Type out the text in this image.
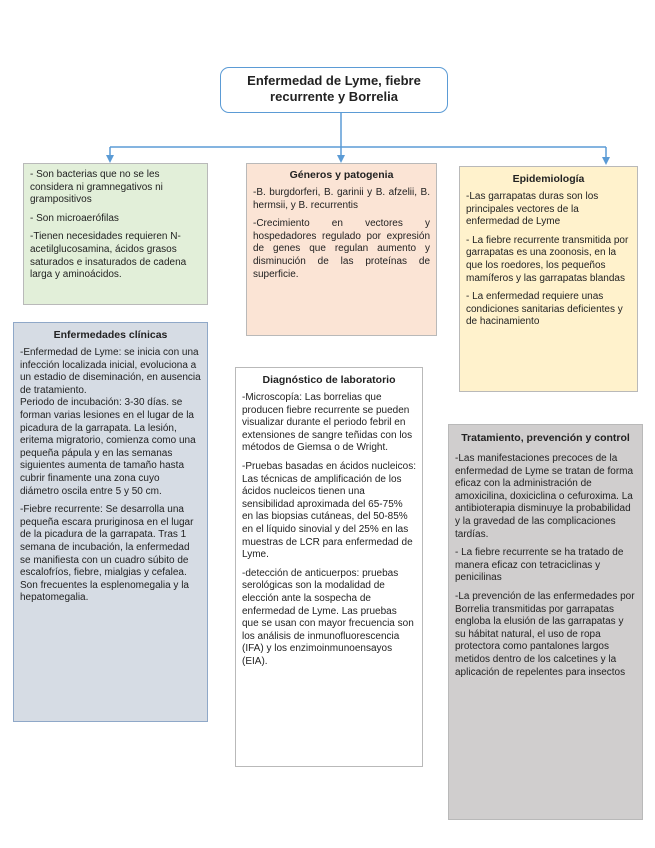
Enfermedad de Lyme, fiebre recurrente y Borrelia

- Son bacterias que no se les considera ni gramnegativos ni grampositivos

- Son microaerófilas

-Tienen necesidades requieren N-acetilglucosamina, ácidos grasos saturados e insaturados de cadena larga y aminoácidos.

Géneros y patogenia

-B. burgdorferi, B. garinii y B. afzelii, B. hermsii, y B. recurrentis

-Crecimiento en vectores y hospedadores regulado por expresión de genes que regulan aumento y disminución de las proteínas de superficie.

Epidemiología

-Las garrapatas duras son los principales vectores de la enfermedad de Lyme

- La fiebre recurrente transmitida por garrapatas es una zoonosis, en la que los roedores, los pequeños mamíferos y las garrapatas blandas

- La enfermedad requiere unas condiciones sanitarias deficientes y de hacinamiento

Enfermedades clínicas

-Enfermedad de Lyme: se inicia con una infección localizada inicial, evoluciona a un estadio de diseminación, en ausencia de tratamiento.

Periodo de incubación: 3-30 días. se forman varias lesiones en el lugar de la picadura de la garrapata. La lesión, eritema migratorio, comienza como una pequeña pápula y en las semanas siguientes aumenta de tamaño hasta cubrir finamente una zona cuyo diámetro oscila entre 5 y 50 cm.

-Fiebre recurrente: Se desarrolla una pequeña escara pruriginosa en el lugar de la picadura de la garrapata. Tras 1 semana de incubación, la enfermedad se manifiesta con un cuadro súbito de escalofríos, fiebre, mialgias y cefalea. Son frecuentes la esplenomegalia y la hepatomegalia.

Diagnóstico de laboratorio

-Microscopía: Las borrelias que producen fiebre recurrente se pueden visualizar durante el periodo febril en extensiones de sangre teñidas con los métodos de Giemsa o de Wright.

-Pruebas basadas en ácidos nucleicos: Las técnicas de amplificación de los ácidos nucleicos tienen una sensibilidad aproximada del 65-75% en las biopsias cutáneas, del 50-85% en el líquido sinovial y del 25% en las muestras de LCR para enfermedad de Lyme.

-detección de anticuerpos: pruebas serológicas son la modalidad de elección ante la sospecha de enfermedad de Lyme. Las pruebas que se usan con mayor frecuencia son los análisis de inmunofluorescencia (IFA) y los enzimoinmunoensayos (EIA).

Tratamiento, prevención y control

-Las manifestaciones precoces de la enfermedad de Lyme se tratan de forma eficaz con la administración de amoxicilina, doxiciclina o cefuroxima. La antibioterapia disminuye la probabilidad y la gravedad de las complicaciones tardías.

- La fiebre recurrente se ha tratado de manera eficaz con tetraciclinas y penicilinas

-La prevención de las enfermedades por Borrelia transmitidas por garrapatas engloba la elusión de las garrapatas y su hábitat natural, el uso de ropa protectora como pantalones largos metidos dentro de los calcetines y la aplicación de repelentes para insectos
